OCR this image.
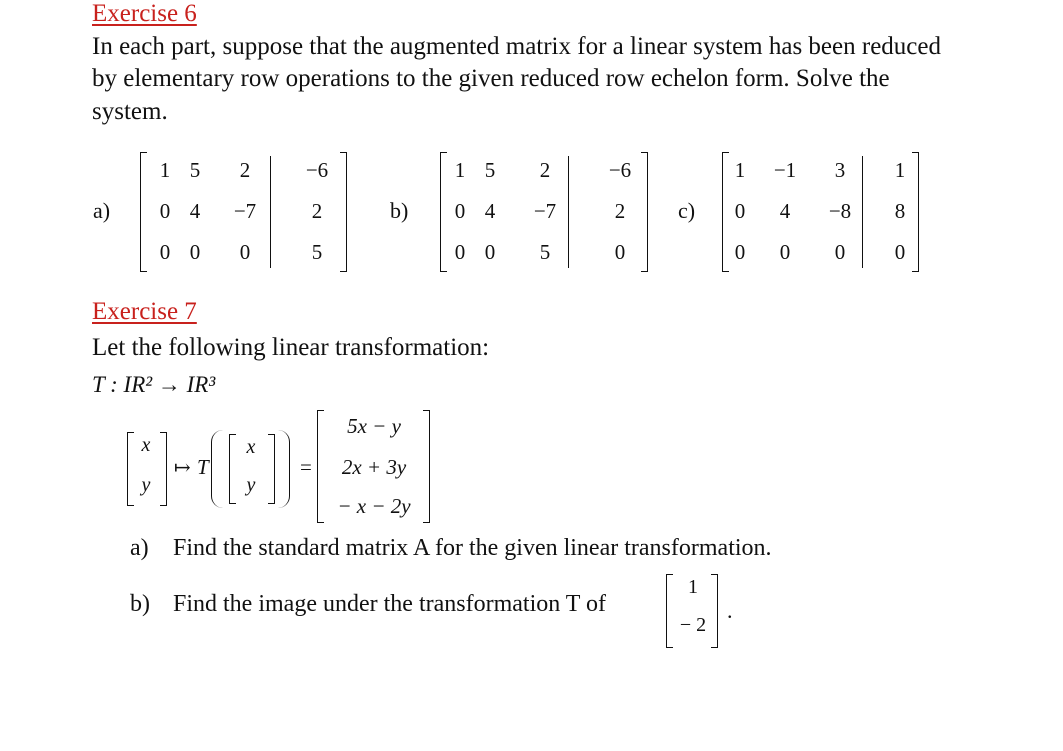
Exercise 6
In each part, suppose that the augmented matrix for a linear system has been reduced
by elementary row operations to the given reduced row echelon form. Solve the
system.
a)
1 5	2	−6
0 4	−7	2
0 0	0	5
b)
1 5	2	−6
0 4	−7	2
0 0	5	0
c)
1	−1	3	1
0	4	−8	8
0	0	0	0
Exercise 7
Let the following linear transformation:
T : IR² → IR³
x
y
↦ T
x
y
=
5x − y
2x + 3y
− x − 2y
a) Find the standard matrix A for the given linear transformation.
b) Find the image under the transformation T of
1
− 2
.
